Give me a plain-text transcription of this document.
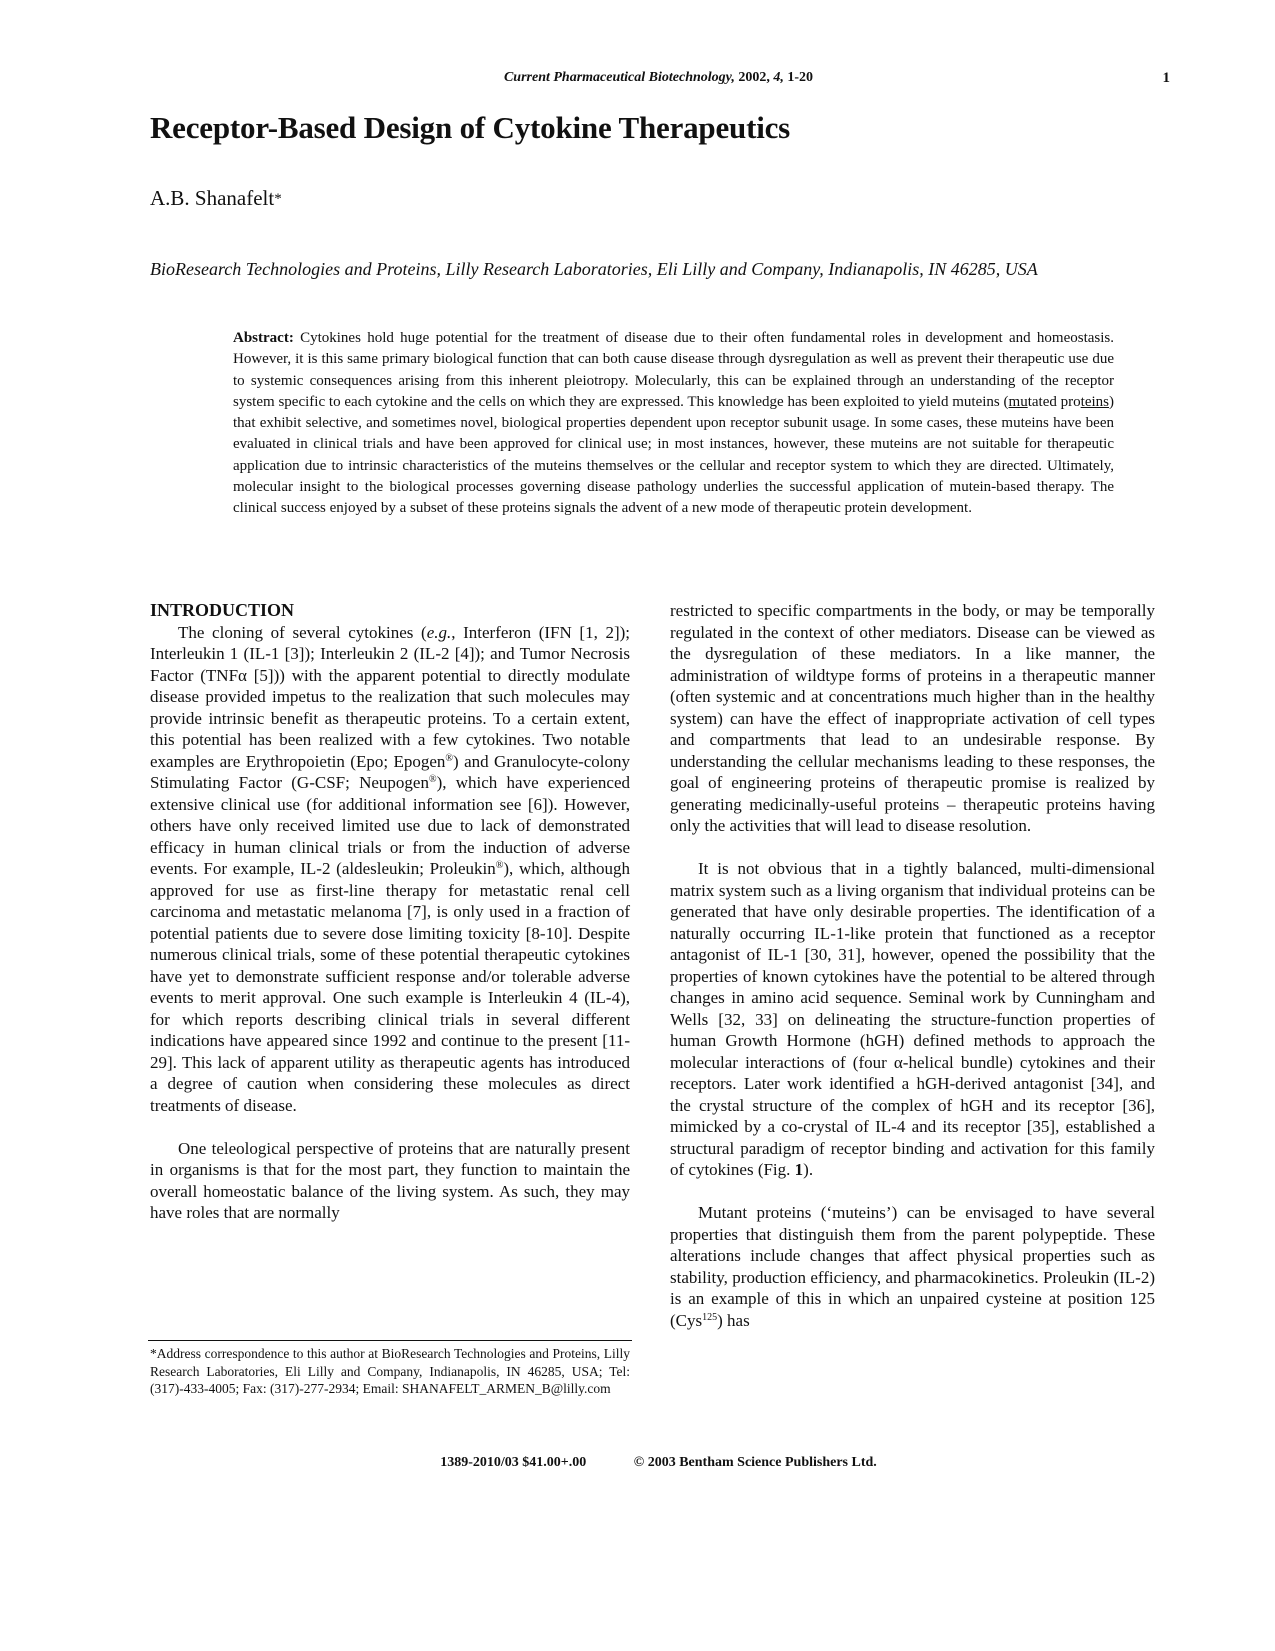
Current Pharmaceutical Biotechnology, 2002, 4, 1-20	1
Receptor-Based Design of Cytokine Therapeutics
A.B. Shanafelt*
BioResearch Technologies and Proteins, Lilly Research Laboratories, Eli Lilly and Company, Indianapolis, IN 46285, USA
Abstract: Cytokines hold huge potential for the treatment of disease due to their often fundamental roles in development and homeostasis. However, it is this same primary biological function that can both cause disease through dysregulation as well as prevent their therapeutic use due to systemic consequences arising from this inherent pleiotropy. Molecularly, this can be explained through an understanding of the receptor system specific to each cytokine and the cells on which they are expressed. This knowledge has been exploited to yield muteins (mutated proteins) that exhibit selective, and sometimes novel, biological properties dependent upon receptor subunit usage. In some cases, these muteins have been evaluated in clinical trials and have been approved for clinical use; in most instances, however, these muteins are not suitable for therapeutic application due to intrinsic characteristics of the muteins themselves or the cellular and receptor system to which they are directed. Ultimately, molecular insight to the biological processes governing disease pathology underlies the successful application of mutein-based therapy. The clinical success enjoyed by a subset of these proteins signals the advent of a new mode of therapeutic protein development.

INTRODUCTION

The cloning of several cytokines (e.g., Interferon (IFN [1, 2]); Interleukin 1 (IL-1 [3]); Interleukin 2 (IL-2 [4]); and Tumor Necrosis Factor (TNFα [5])) with the apparent potential to directly modulate disease provided impetus to the realization that such molecules may provide intrinsic benefit as therapeutic proteins. To a certain extent, this potential has been realized with a few cytokines. Two notable examples are Erythropoietin (Epo; Epogen®) and Granulocyte-colony Stimulating Factor (G-CSF; Neupogen®), which have experienced extensive clinical use (for additional information see [6]). However, others have only received limited use due to lack of demonstrated efficacy in human clinical trials or from the induction of adverse events. For example, IL-2 (aldesleukin; Proleukin®), which, although approved for use as first-line therapy for metastatic renal cell carcinoma and metastatic melanoma [7], is only used in a fraction of potential patients due to severe dose limiting toxicity [8-10]. Despite numerous clinical trials, some of these potential therapeutic cytokines have yet to demonstrate sufficient response and/or tolerable adverse events to merit approval. One such example is Interleukin 4 (IL-4), for which reports describing clinical trials in several different indications have appeared since 1992 and continue to the present [11-29]. This lack of apparent utility as therapeutic agents has introduced a degree of caution when considering these molecules as direct treatments of disease.

One teleological perspective of proteins that are naturally present in organisms is that for the most part, they function to maintain the overall homeostatic balance of the living system. As such, they may have roles that are normally

restricted to specific compartments in the body, or may be temporally regulated in the context of other mediators. Disease can be viewed as the dysregulation of these mediators. In a like manner, the administration of wildtype forms of proteins in a therapeutic manner (often systemic and at concentrations much higher than in the healthy system) can have the effect of inappropriate activation of cell types and compartments that lead to an undesirable response. By understanding the cellular mechanisms leading to these responses, the goal of engineering proteins of therapeutic promise is realized by generating medicinally-useful proteins – therapeutic proteins having only the activities that will lead to disease resolution.

It is not obvious that in a tightly balanced, multi-dimensional matrix system such as a living organism that individual proteins can be generated that have only desirable properties. The identification of a naturally occurring IL-1-like protein that functioned as a receptor antagonist of IL-1 [30, 31], however, opened the possibility that the properties of known cytokines have the potential to be altered through changes in amino acid sequence. Seminal work by Cunningham and Wells [32, 33] on delineating the structure-function properties of human Growth Hormone (hGH) defined methods to approach the molecular interactions of (four α-helical bundle) cytokines and their receptors. Later work identified a hGH-derived antagonist [34], and the crystal structure of the complex of hGH and its receptor [36], mimicked by a co-crystal of IL-4 and its receptor [35], established a structural paradigm of receptor binding and activation for this family of cytokines (Fig. 1).

Mutant proteins (‘muteins’) can be envisaged to have several properties that distinguish them from the parent polypeptide. These alterations include changes that affect physical properties such as stability, production efficiency, and pharmacokinetics. Proleukin (IL-2) is an example of this in which an unpaired cysteine at position 125 (Cys$^{125}$) has

*Address correspondence to this author at BioResearch Technologies and Proteins, Lilly Research Laboratories, Eli Lilly and Company, Indianapolis, IN 46285, USA; Tel: (317)-433-4005; Fax: (317)-277-2934; Email: SHANAFELT_ARMEN_B@lilly.com
1389-2010/03 $41.00+.00	© 2003 Bentham Science Publishers Ltd.
